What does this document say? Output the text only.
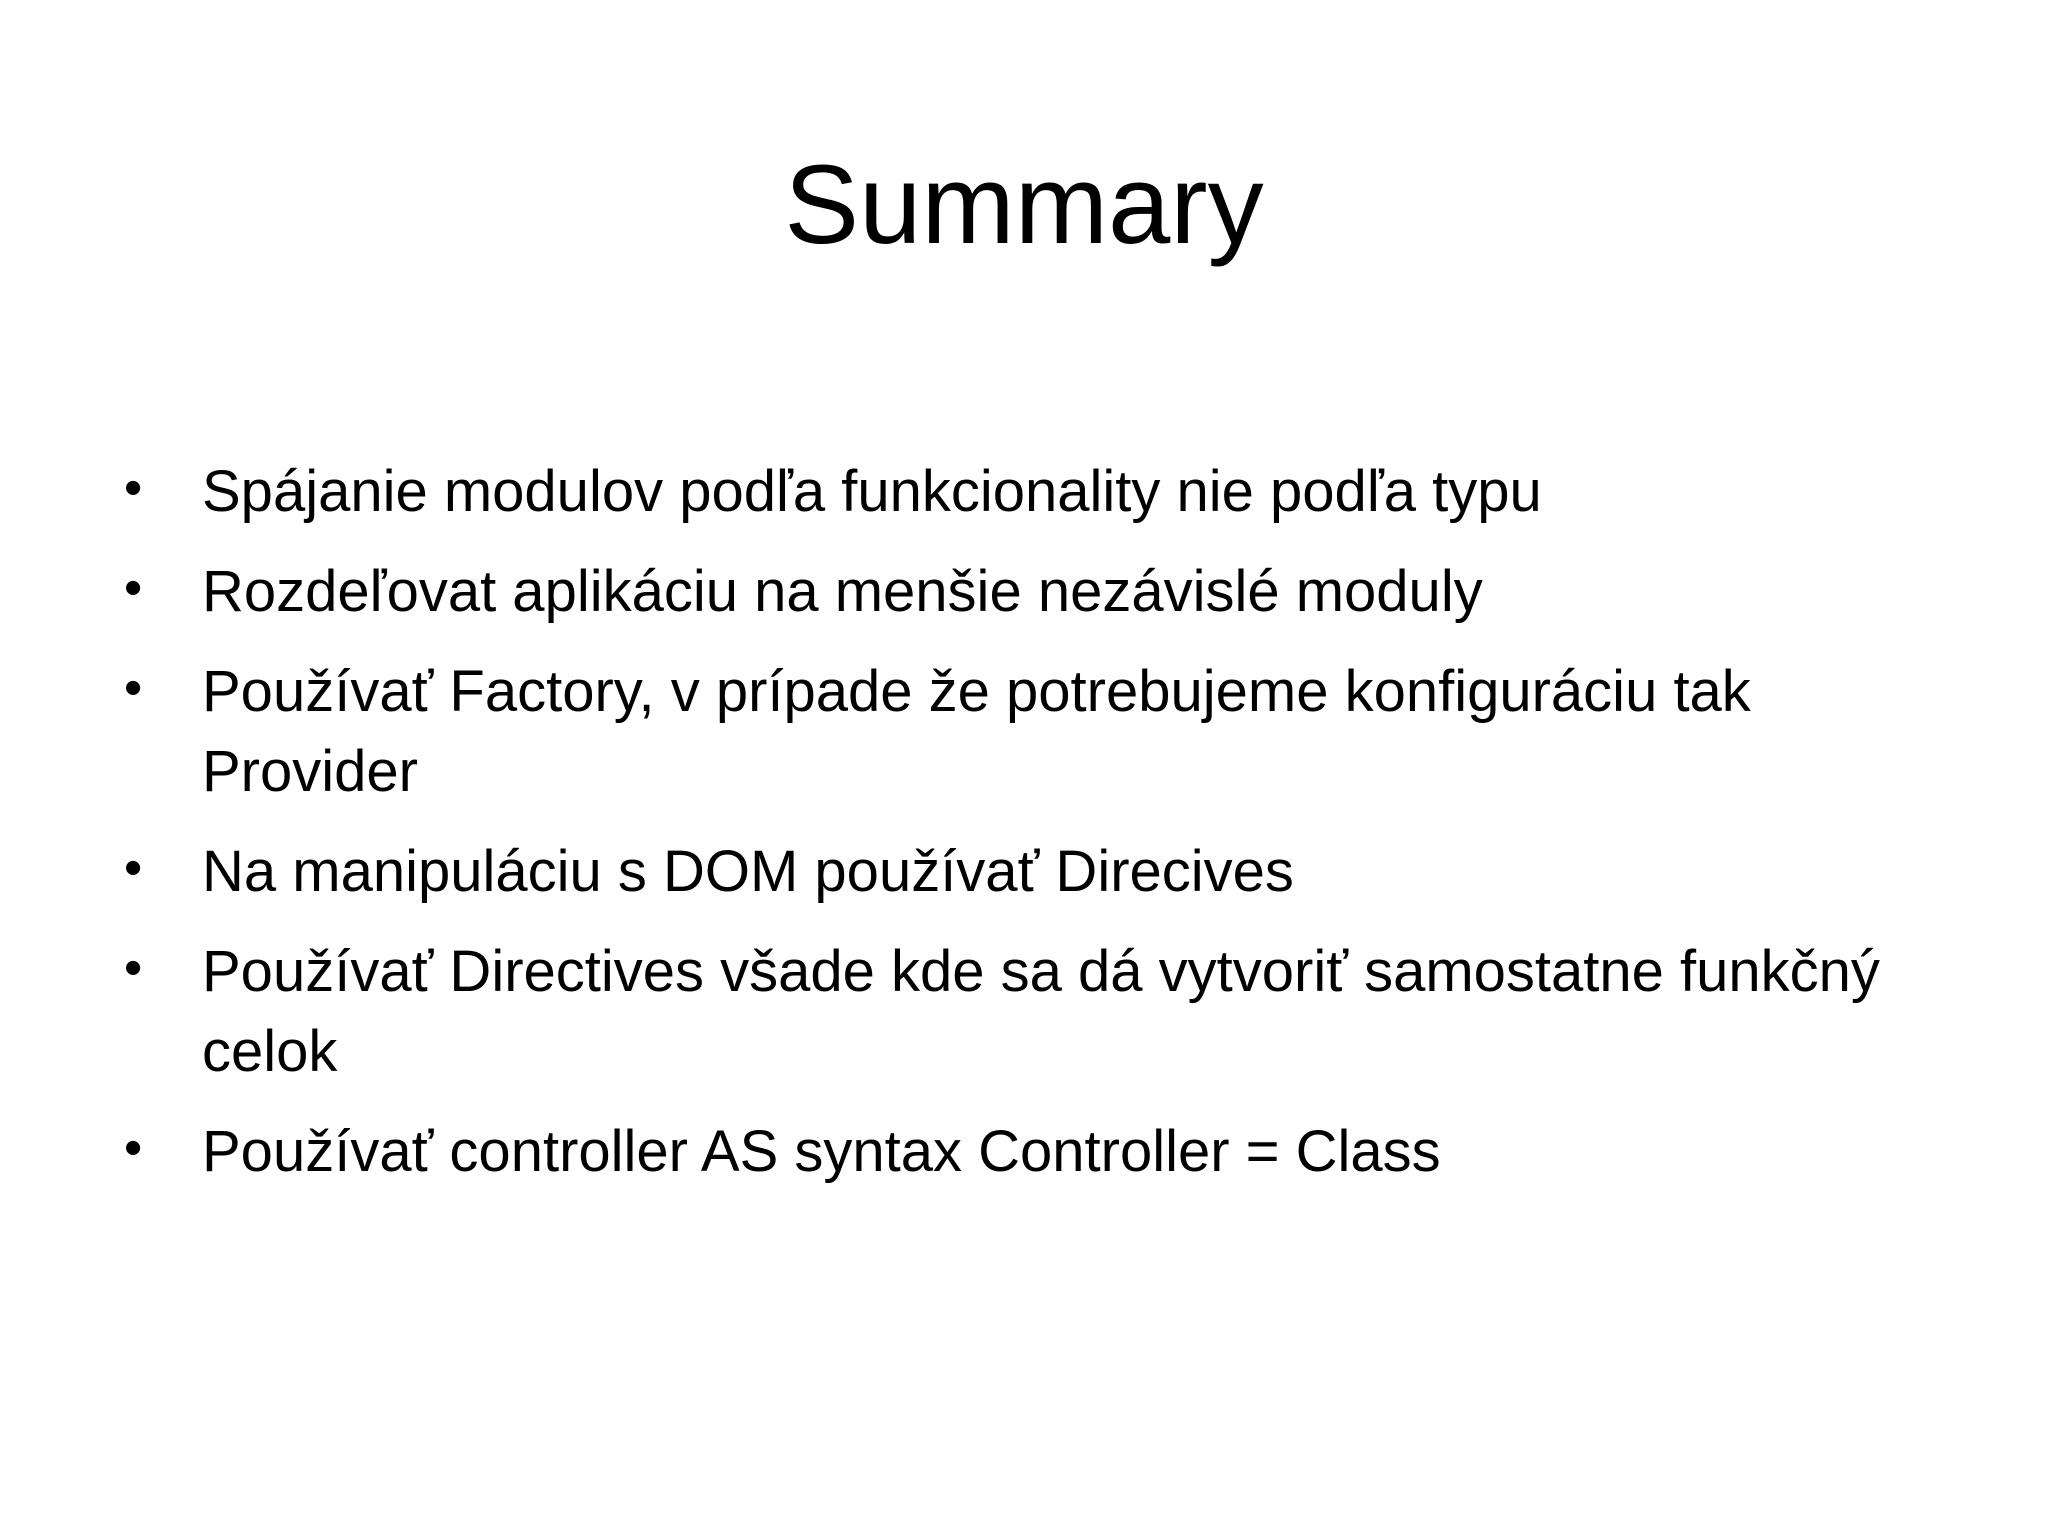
Summary
• Spájanie modulov podľa funkcionality nie podľa typu
• Rozdeľovat aplikáciu na menšie nezávislé moduly
• Používať Factory, v prípade že potrebujeme konfiguráciu tak Provider
• Na manipuláciu s DOM používať Direcives
• Používať Directives všade kde sa dá vytvoriť samostatne funkčný celok
• Používať controller AS syntax Controller = Class
